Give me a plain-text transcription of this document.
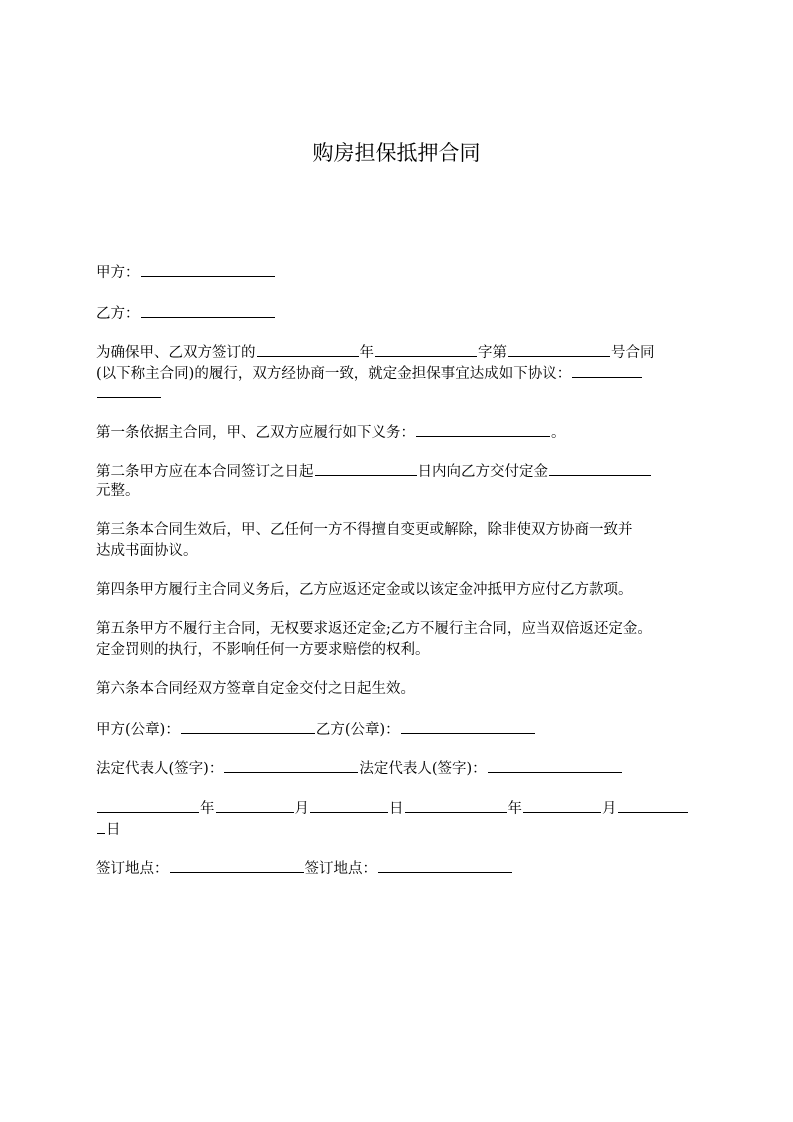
购房担保抵押合同
甲方：
乙方：
为确保甲、乙双方签订的	年	字第	号合同
(以下称主合同)的履行，双方经协商一致，就定金担保事宜达成如下协议：
第一条依据主合同，甲、乙双方应履行如下义务：	。
第二条甲方应在本合同签订之日起	日内向乙方交付定金
元整。
第三条本合同生效后，甲、乙任何一方不得擅自变更或解除，除非使双方协商一致并
达成书面协议。
第四条甲方履行主合同义务后，乙方应返还定金或以该定金冲抵甲方应付乙方款项。
第五条甲方不履行主合同，无权要求返还定金;乙方不履行主合同，应当双倍返还定金。
定金罚则的执行，不影响任何一方要求赔偿的权利。
第六条本合同经双方签章自定金交付之日起生效。
甲方(公章)：	乙方(公章)：
法定代表人(签字)：	法定代表人(签字)：
年	月	日	年	月
日
签订地点：	签订地点：
